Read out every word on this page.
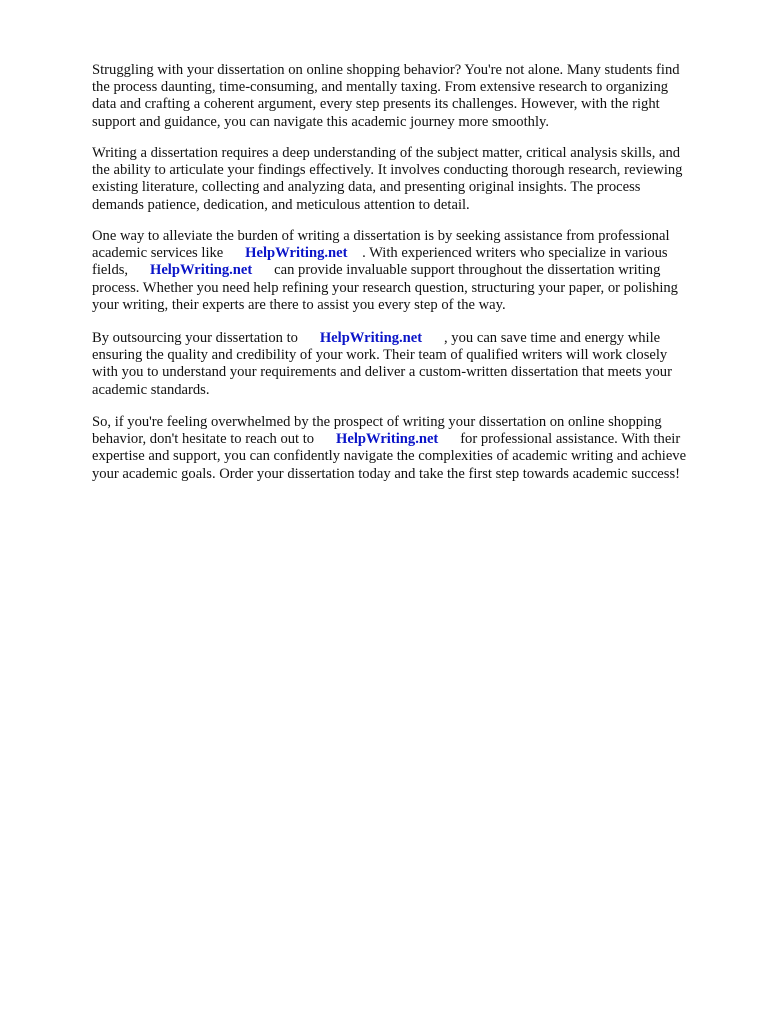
Struggling with your dissertation on online shopping behavior? You're not alone. Many students find
the process daunting, time-consuming, and mentally taxing. From extensive research to organizing
data and crafting a coherent argument, every step presents its challenges. However, with the right
support and guidance, you can navigate this academic journey more smoothly.

Writing a dissertation requires a deep understanding of the subject matter, critical analysis skills, and
the ability to articulate your findings effectively. It involves conducting thorough research, reviewing
existing literature, collecting and analyzing data, and presenting original insights. The process
demands patience, dedication, and meticulous attention to detail.

One way to alleviate the burden of writing a dissertation is by seeking assistance from professional
academic services like      HelpWriting.net    . With experienced writers who specialize in various
fields,      HelpWriting.net      can provide invaluable support throughout the dissertation writing
process. Whether you need help refining your research question, structuring your paper, or polishing
your writing, their experts are there to assist you every step of the way.

By outsourcing your dissertation to      HelpWriting.net      , you can save time and energy while
ensuring the quality and credibility of your work. Their team of qualified writers will work closely
with you to understand your requirements and deliver a custom-written dissertation that meets your
academic standards.

So, if you're feeling overwhelmed by the prospect of writing your dissertation on online shopping
behavior, don't hesitate to reach out to      HelpWriting.net      for professional assistance. With their
expertise and support, you can confidently navigate the complexities of academic writing and achieve
your academic goals. Order your dissertation today and take the first step towards academic success!
